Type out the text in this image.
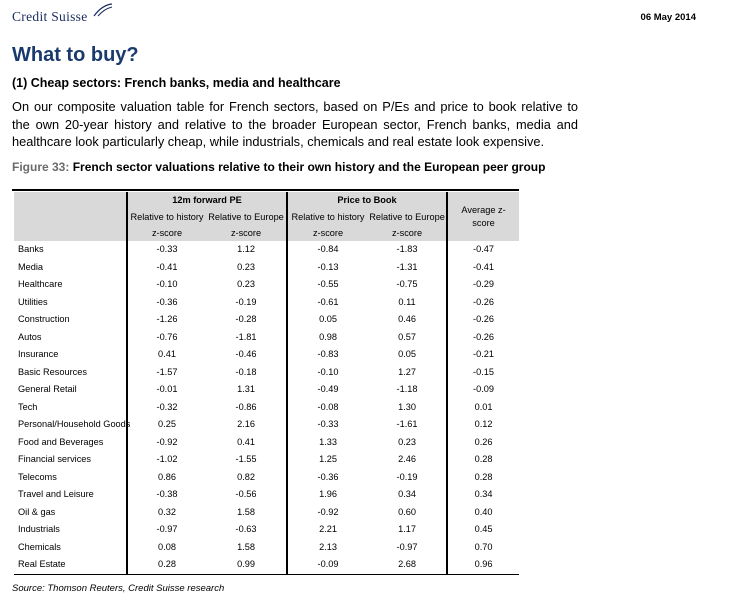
Credit Suisse	06 May 2014
What to buy?
(1) Cheap sectors: French banks, media and healthcare

On our composite valuation table for French sectors, based on P/Es and price to book relative to the own 20-year history and relative to the broader European sector, French banks, media and healthcare look particularly cheap, while industrials, chemicals and real estate look expensive.

Figure 33: French sector valuations relative to their own history and the European peer group

	12m forward PE		Price to Book		Average z-score
	Relative to history	Relative to Europe	Relative to history	Relative to Europe	
	z-score	z-score	z-score	z-score	
Banks	-0.33	1.12	-0.84	-1.83	-0.47
Media	-0.41	0.23	-0.13	-1.31	-0.41
Healthcare	-0.10	0.23	-0.55	-0.75	-0.29
Utilities	-0.36	-0.19	-0.61	0.11	-0.26
Construction	-1.26	-0.28	0.05	0.46	-0.26
Autos	-0.76	-1.81	0.98	0.57	-0.26
Insurance	0.41	-0.46	-0.83	0.05	-0.21
Basic Resources	-1.57	-0.18	-0.10	1.27	-0.15
General Retail	-0.01	1.31	-0.49	-1.18	-0.09
Tech	-0.32	-0.86	-0.08	1.30	0.01
Personal/Household Goods	0.25	2.16	-0.33	-1.61	0.12
Food and Beverages	-0.92	0.41	1.33	0.23	0.26
Financial services	-1.02	-1.55	1.25	2.46	0.28
Telecoms	0.86	0.82	-0.36	-0.19	0.28
Travel and Leisure	-0.38	-0.56	1.96	0.34	0.34
Oil & gas	0.32	1.58	-0.92	0.60	0.40
Industrials	-0.97	-0.63	2.21	1.17	0.45
Chemicals	0.08	1.58	2.13	-0.97	0.70
Real Estate	0.28	0.99	-0.09	2.68	0.96
Source: Thomson Reuters, Credit Suisse research
